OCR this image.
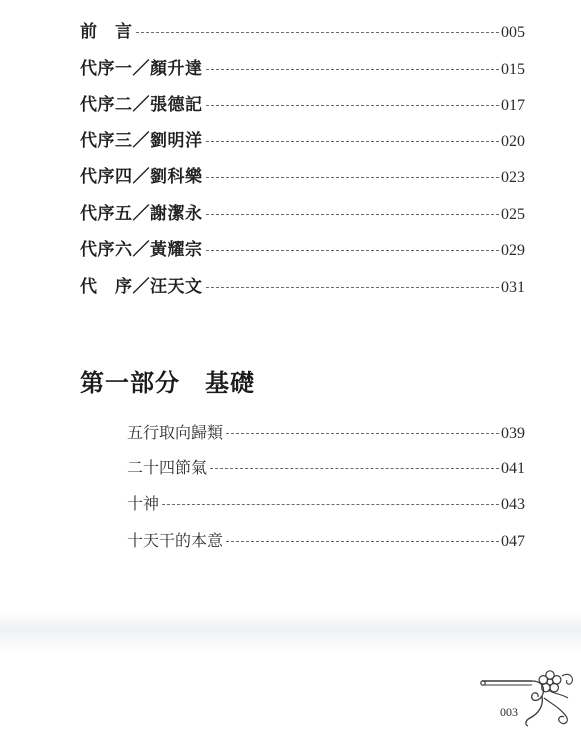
前　言	005
代序一／顏升達	015
代序二／張德記	017
代序三／劉明洋	020
代序四／劉科樂	023
代序五／謝潔永	025
代序六／黃耀宗	029
代　序／汪天文	031
第一部分　基礎
五行取向歸類	039
二十四節氣	041
十神	043
十天干的本意	047
003
